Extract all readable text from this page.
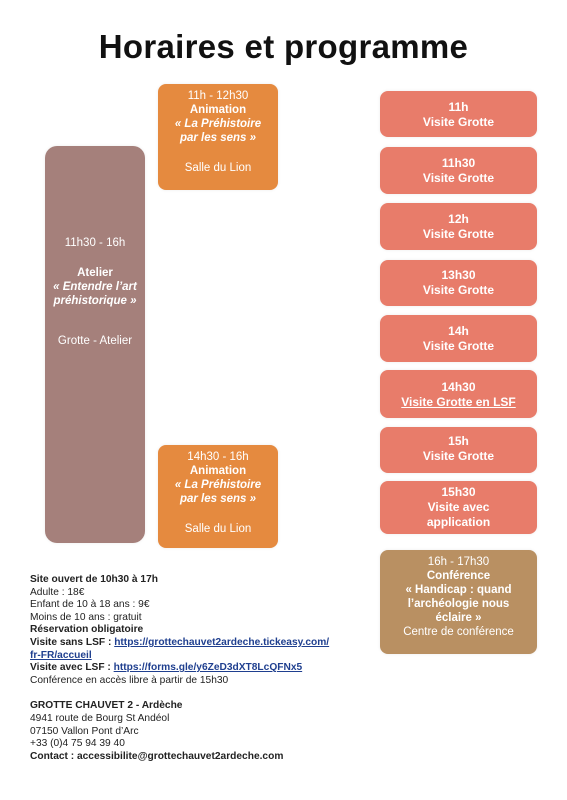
Horaires et programme
11h30 - 16h
Atelier
« Entendre l’art
préhistorique »
Grotte - Atelier
11h - 12h30
Animation
« La Préhistoire
par les sens »
Salle du Lion
14h30 - 16h
Animation
« La Préhistoire
par les sens »
Salle du Lion
11h
Visite Grotte
11h30
Visite Grotte
12h
Visite Grotte
13h30
Visite Grotte
14h
Visite Grotte
14h30
Visite Grotte en LSF
15h
Visite Grotte
15h30
Visite avec
application
16h - 17h30
Conférence
« Handicap : quand
l’archéologie nous
éclaire »
Centre de conférence
Site ouvert de 10h30 à 17h
Adulte : 18€
Enfant de 10 à 18 ans : 9€
Moins de 10 ans : gratuit
Réservation obligatoire
Visite sans LSF : https://grottechauvet2ardeche.tickeasy.com/
fr-FR/accueil
Visite avec LSF : https://forms.gle/y6ZeD3dXT8LcQFNx5
Conférence en accès libre à partir de 15h30
GROTTE CHAUVET 2 - Ardèche
4941 route de Bourg St Andéol
07150 Vallon Pont d’Arc
+33 (0)4 75 94 39 40
Contact : accessibilite@grottechauvet2ardeche.com
